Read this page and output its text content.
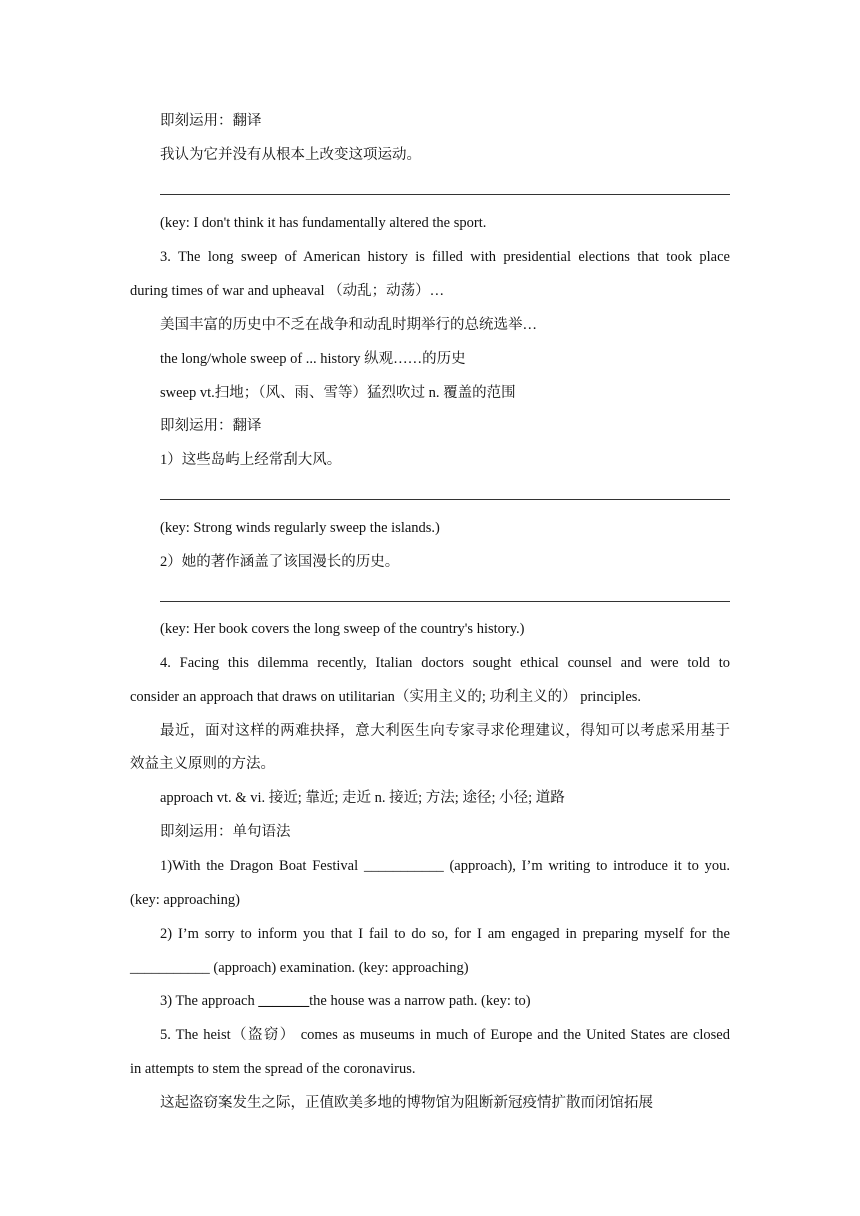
即刻运用：翻译

我认为它并没有从根本上改变这项运动。

(key: I don't think it has fundamentally altered the sport.

3. The long sweep of American history is filled with presidential elections that took place

during times of war and upheaval （动乱；动荡）…

美国丰富的历史中不乏在战争和动乱时期举行的总统选举…

the long/whole sweep of ... history 纵观……的历史

sweep vt.扫地；（风、雨、雪等）猛烈吹过 n. 覆盖的范围

即刻运用：翻译

1）这些岛屿上经常刮大风。

(key: Strong winds regularly sweep the islands.)

2）她的著作涵盖了该国漫长的历史。

(key: Her book covers the long sweep of the country's history.)

4. Facing this dilemma recently, Italian doctors sought ethical counsel and were told to

consider an approach that draws on utilitarian（实用主义的; 功利主义的） principles.

最近，面对这样的两难抉择，意大利医生向专家寻求伦理建议，得知可以考虑采用基于

效益主义原则的方法。

approach vt. & vi. 接近; 靠近; 走近 n. 接近; 方法; 途径; 小径; 道路

即刻运用：单句语法

1)With the Dragon Boat Festival ___________ (approach), I’m writing to introduce it to you.

(key: approaching)

2) I’m sorry to inform you that I fail to do so, for I am engaged in preparing myself for the

___________ (approach) examination. (key: approaching)

3) The approach _______the house was a narrow path. (key: to)

5. The heist（盗窃） comes as museums in much of Europe and the United States are closed

in attempts to stem the spread of the coronavirus.

这起盗窃案发生之际，正值欧美多地的博物馆为阻断新冠疫情扩散而闭馆拓展
